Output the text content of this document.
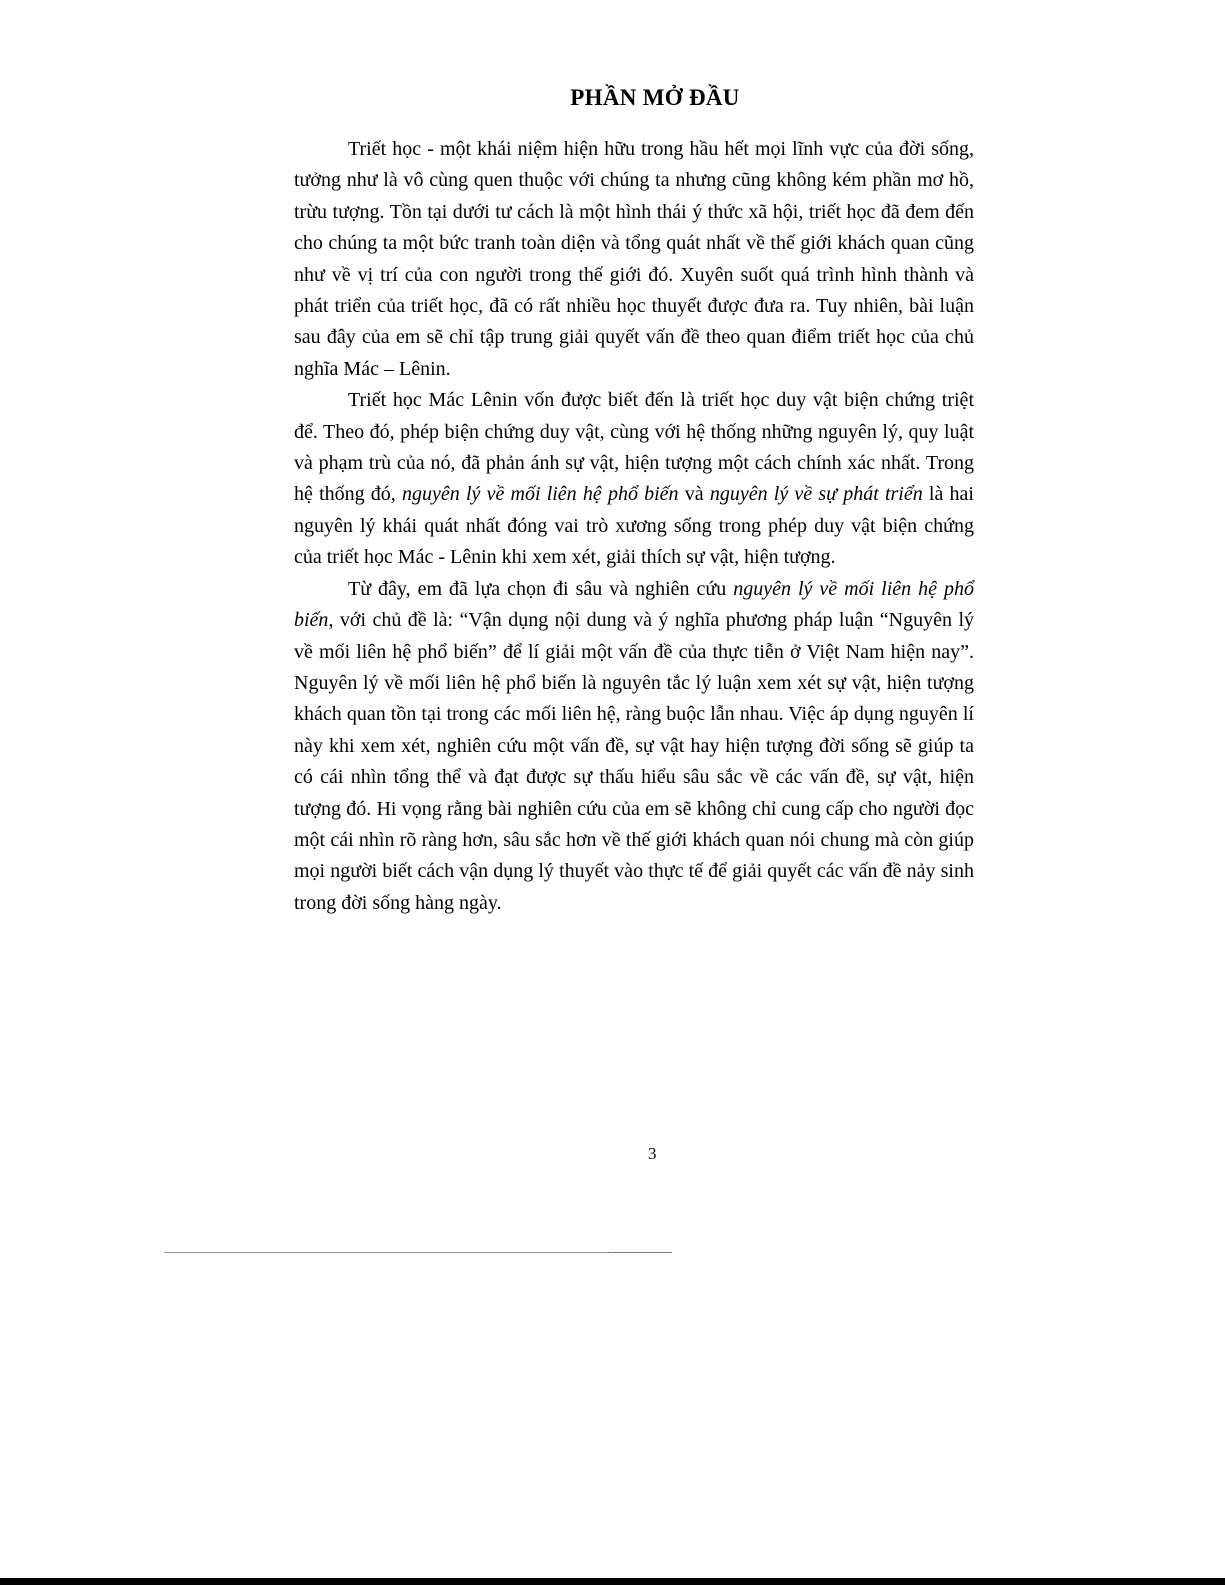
PHẦN MỞ ĐẦU

Triết học - một khái niệm hiện hữu trong hầu hết mọi lĩnh vực của đời sống, tưởng như là vô cùng quen thuộc với chúng ta nhưng cũng không kém phần mơ hồ, trừu tượng. Tồn tại dưới tư cách là một hình thái ý thức xã hội, triết học đã đem đến cho chúng ta một bức tranh toàn diện và tổng quát nhất về thế giới khách quan cũng như về vị trí của con người trong thế giới đó. Xuyên suốt quá trình hình thành và phát triển của triết học, đã có rất nhiều học thuyết được đưa ra. Tuy nhiên, bài luận sau đây của em sẽ chỉ tập trung giải quyết vấn đề theo quan điểm triết học của chủ nghĩa Mác – Lênin.

Triết học Mác Lênin vốn được biết đến là triết học duy vật biện chứng triệt để. Theo đó, phép biện chứng duy vật, cùng với hệ thống những nguyên lý, quy luật và phạm trù của nó, đã phản ánh sự vật, hiện tượng một cách chính xác nhất. Trong hệ thống đó, nguyên lý về mối liên hệ phổ biến và nguyên lý về sự phát triển là hai nguyên lý khái quát nhất đóng vai trò xương sống trong phép duy vật biện chứng của triết học Mác - Lênin khi xem xét, giải thích sự vật, hiện tượng.

Từ đây, em đã lựa chọn đi sâu và nghiên cứu nguyên lý về mối liên hệ phổ biến, với chủ đề là: “Vận dụng nội dung và ý nghĩa phương pháp luận “Nguyên lý về mối liên hệ phổ biến” để lí giải một vấn đề của thực tiễn ở Việt Nam hiện nay”. Nguyên lý về mối liên hệ phổ biến là nguyên tắc lý luận xem xét sự vật, hiện tượng khách quan tồn tại trong các mối liên hệ, ràng buộc lẫn nhau. Việc áp dụng nguyên lí này khi xem xét, nghiên cứu một vấn đề, sự vật hay hiện tượng đời sống sẽ giúp ta có cái nhìn tổng thể và đạt được sự thấu hiểu sâu sắc về các vấn đề, sự vật, hiện tượng đó. Hi vọng rằng bài nghiên cứu của em sẽ không chỉ cung cấp cho người đọc một cái nhìn rõ ràng hơn, sâu sắc hơn về thế giới khách quan nói chung mà còn giúp mọi người biết cách vận dụng lý thuyết vào thực tế để giải quyết các vấn đề nảy sinh trong đời sống hàng ngày.

3
